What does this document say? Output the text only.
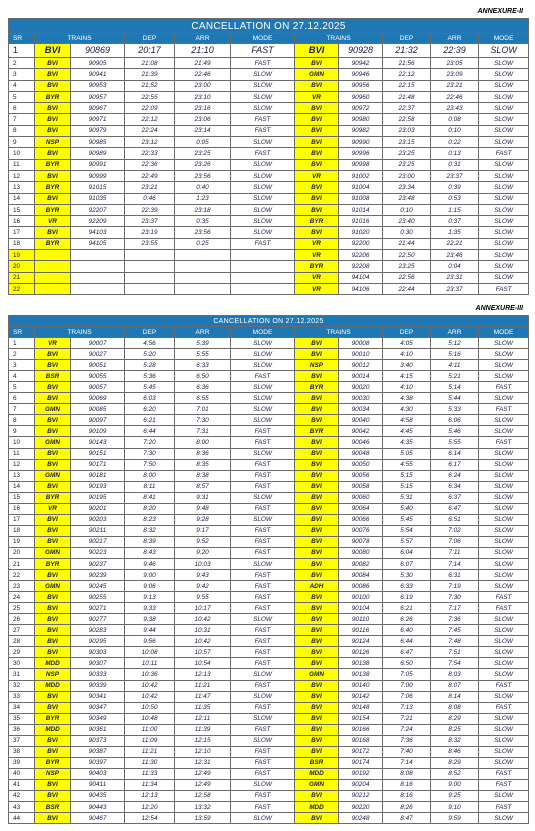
ANNEXURE-II
CANCELLATION ON 27.12.2025										
SR	TRAINS		DEP	ARR	MODE	TRAINS		DEP	ARR	MODE
1	BVI	90869	20:17	21:10	FAST	BVI	90928	21:32	22:39	SLOW
2	BVI	90905	21:08	21:49	FAST	BVI	90942	21:56	23:05	SLOW
3	BVI	90941	21:39	22:46	SLOW	GMN	90946	22:12	23:09	SLOW
4	BVI	90953	21:52	23:00	SLOW	BVI	90956	22:15	23:21	SLOW
5	BYR	90957	22:55	23:10	SLOW	VR	90960	21:48	22:46	SLOW
6	BVI	90967	22:09	23:16	SLOW	BVI	90972	22:37	23:43	SLOW
7	BVI	90971	22:12	23:06	FAST	BVI	90980	22:58	0:08	SLOW
8	BVI	90979	22:24	23:14	FAST	BVI	90982	23:03	0:10	SLOW
9	NSP	90985	23:12	0:05	SLOW	BVI	90990	23:15	0:22	SLOW
10	BVI	90989	22:33	23:25	FAST	BVI	90996	23:25	0:13	FAST
11	BYR	90991	22:36	23:26	SLOW	BVI	90998	23:25	0:31	SLOW
12	BVI	90999	22:49	23:56	SLOW	VR	91002	23:00	23:37	SLOW
13	BYR	91015	23:21	0:40	SLOW	BVI	91004	23:34	0:39	SLOW
14	BVI	91035	0:46	1:23	SLOW	BVI	91008	23:48	0:53	SLOW
15	BYR	92207	22:39	23:18	SLOW	BVI	91014	0:10	1:15	SLOW
16	VR	92209	23:37	0:35	SLOW	BYR	91016	23:40	0:37	SLOW
17	BVI	94103	23:19	23:56	SLOW	BVI	91020	0:30	1:35	SLOW
18	BYR	94105	23:55	0:25	FAST	VR	92200	21:44	22:21	SLOW
19						VR	92206	22:50	23:46	SLOW
20						BYR	92208	23:25	0:04	SLOW
21						VR	94104	22:56	23:31	SLOW
22						VR	94106	22:44	23:37	FAST
ANNEXURE-III
CANCELLATION ON 27.12.2025										
SR	TRAINS		DEP	ARR	MODE	TRAINS		DEP	ARR	MODE
1	VR	90007	4:56	5:39	SLOW	BVI	90008	4:05	5:12	SLOW
2	BVI	90027	5:20	5:55	SLOW	BVI	90010	4:10	5:16	SLOW
3	BVI	90051	5:28	6:33	SLOW	NSP	90012	3:40	4:11	SLOW
4	BSR	90055	5:36	6:50	FAST	BVI	90014	4:15	5:21	SLOW
5	BVI	90057	5:45	6:36	SLOW	BYR	90020	4:10	5:14	FAST
6	BVI	90069	6:03	6:55	SLOW	BVI	90030	4:38	5:44	SLOW
7	GMN	90085	6:20	7:01	SLOW	BVI	90034	4:30	5:33	FAST
8	BVI	90097	6:21	7:30	SLOW	BVI	90040	4:58	6:06	SLOW
9	BVI	90109	6:44	7:31	FAST	BYR	90042	4:45	5:46	SLOW
10	GMN	90143	7:20	8:00	FAST	BVI	90046	4:35	5:55	FAST
11	BVI	90151	7:30	8:36	SLOW	BVI	90048	5:05	6:14	SLOW
12	BVI	90171	7:50	8:35	FAST	BVI	90050	4:55	6:17	SLOW
13	GMN	90181	8:00	8:38	FAST	BVI	90056	5:15	6:24	SLOW
14	BVI	90193	8:11	8:57	FAST	BVI	90058	5:15	6:34	SLOW
15	BYR	90195	8:41	9:31	SLOW	BVI	90060	5:31	6:37	SLOW
16	VR	90201	8:20	9:48	FAST	BVI	90064	5:40	6:47	SLOW
17	BVI	90203	8:23	9:28	SLOW	BVI	90066	5:45	6:51	SLOW
18	BVI	90211	8:32	9:17	FAST	BVI	90076	5:54	7:02	SLOW
19	BVI	90217	8:39	9:52	FAST	BVI	90078	5:57	7:06	SLOW
20	GMN	90223	8:43	9:20	FAST	BVI	90080	6:04	7:11	SLOW
21	BYR	90237	9:46	10:03	SLOW	BVI	90082	6:07	7:14	SLOW
22	BVI	90239	9:00	9:43	FAST	BVI	90084	5:30	6:31	SLOW
23	GMN	90245	9:06	9:42	FAST	ADH	90086	6:33	7:19	SLOW
24	BVI	90255	9:13	9:55	FAST	BVI	90100	6:19	7:30	FAST
25	BVI	90271	9:33	10:17	FAST	BVI	90104	6:21	7:17	FAST
26	BVI	90277	9:38	10:42	SLOW	BVI	90110	6:26	7:36	SLOW
27	BVI	90283	9:44	10:31	FAST	BVI	90116	6:40	7:45	SLOW
28	BVI	90295	9:56	10:42	FAST	BVI	90124	6:44	7:48	SLOW
29	BVI	90303	10:08	10:57	FAST	BVI	90126	6:47	7:51	SLOW
30	MDD	90307	10:11	10:54	FAST	BVI	90138	6:50	7:54	SLOW
31	NSP	90333	10:36	12:13	SLOW	GMN	90138	7:05	8:03	SLOW
32	MDD	90339	10:42	11:21	FAST	BVI	90140	7:00	8:07	FAST
33	BVI	90341	10:42	11:47	SLOW	BVI	90142	7:06	8:14	SLOW
34	BVI	90347	10:50	11:35	FAST	BVI	90148	7:13	8:08	FAST
35	BYR	90349	10:48	12:11	SLOW	BVI	90154	7:21	8:29	SLOW
36	MDD	90361	11:00	11:39	FAST	BVI	90166	7:24	8:25	SLOW
37	BVI	90373	11:09	12:15	SLOW	BVI	90168	7:36	8:32	SLOW
38	BVI	90387	11:21	12:10	FAST	BVI	90172	7:40	8:46	SLOW
39	BYR	90397	11:30	12:31	FAST	BSR	90174	7:14	8:29	SLOW
40	NSP	90403	11:33	12:49	FAST	MDD	90192	8:08	8:52	FAST
41	BVI	90411	11:34	12:49	SLOW	GMN	90204	8:16	9:00	FAST
42	BVI	90435	12:13	12:58	FAST	BVI	90212	8:16	9:25	SLOW
43	BSR	90443	12:20	13:32	FAST	MDD	90220	8:26	9:10	FAST
44	BVI	90467	12:54	13:59	SLOW	BVI	90248	8:47	9:59	SLOW
